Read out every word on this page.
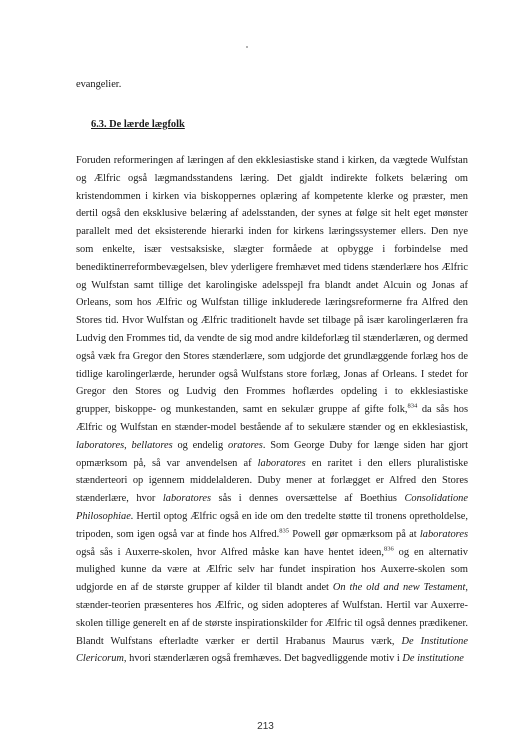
evangelier.
6.3. De lærde lægfolk
Foruden reformeringen af læringen af den ekklesiastiske stand i kirken, da vægtede Wulfstan
og Ælfric også lægmandsstandens læring. Det gjaldt indirekte folkets belæring om
kristendommen i kirken via biskoppernes oplæring af kompetente klerke og præster, men
dertil også den eksklusive belæring af adelsstanden, der synes at følge sit helt eget mønster
parallelt med det eksisterende hierarki inden for kirkens læringssystemer ellers. Den nye
som enkelte, især vestsaksiske, slægter formåede at opbygge i forbindelse med
benediktinerreformbevægelsen, blev yderligere fremhævet med tidens stænderlære hos Ælfric
og Wulfstan samt tillige det karolingiske adelsspejl fra blandt andet Alcuin og Jonas af
Orleans, som hos Ælfric og Wulfstan tillige inkluderede læringsreformerne fra Alfred den
Stores tid. Hvor Wulfstan og Ælfric traditionelt havde set tilbage på især karolingerlæren fra
Ludvig den Frommes tid, da vendte de sig mod andre kildeforlæg til stænderlæren, og dermed
også væk fra Gregor den Stores stænderlære, som udgjorde det grundlæggende forlæg hos de
tidlige karolingerlærde, herunder også Wulfstans store forlæg, Jonas af Orleans. I stedet for
Gregor den Stores og Ludvig den Frommes hoflærdes opdeling i to ekklesiastiske
grupper, biskoppe- og munkestanden, samt en sekulær gruppe af gifte folk,$^{834}$ da sås hos
Ælfric og Wulfstan en stænder-model bestående af to sekulære stænder og en ekklesiastisk,
laboratores, bellatores og endelig oratores. Som George Duby for længe siden har gjort
opmærksom på, så var anvendelsen af laboratores en raritet i den ellers pluralistiske
stænderteori op igennem middelalderen. Duby mener at forlægget er Alfred den Stores
stænderlære, hvor laboratores sås i dennes oversættelse af Boethius Consolidatione
Philosophiae. Hertil optog Ælfric også en ide om den tredelte støtte til tronens opretholdelse,
tripoden, som igen også var at finde hos Alfred.$^{835}$ Powell gør opmærksom på at laboratores
også sås i Auxerre-skolen, hvor Alfred måske kan have hentet ideen,$^{836}$ og en alternativ
mulighed kunne da være at Ælfric selv har fundet inspiration hos Auxerre-skolen som
udgjorde en af de største grupper af kilder til blandt andet On the old and new Testament,
stænder-teorien præsenteres hos Ælfric, og siden adopteres af Wulfstan. Hertil var Auxerre-
skolen tillige generelt en af de største inspirationskilder for Ælfric til også dennes prædikener.
Blandt Wulfstans efterladte værker er dertil Hrabanus Maurus værk, De Institutione
Clericorum, hvori stænderlæren også fremhæves. Det bagvedliggende motiv i De institutione
213
